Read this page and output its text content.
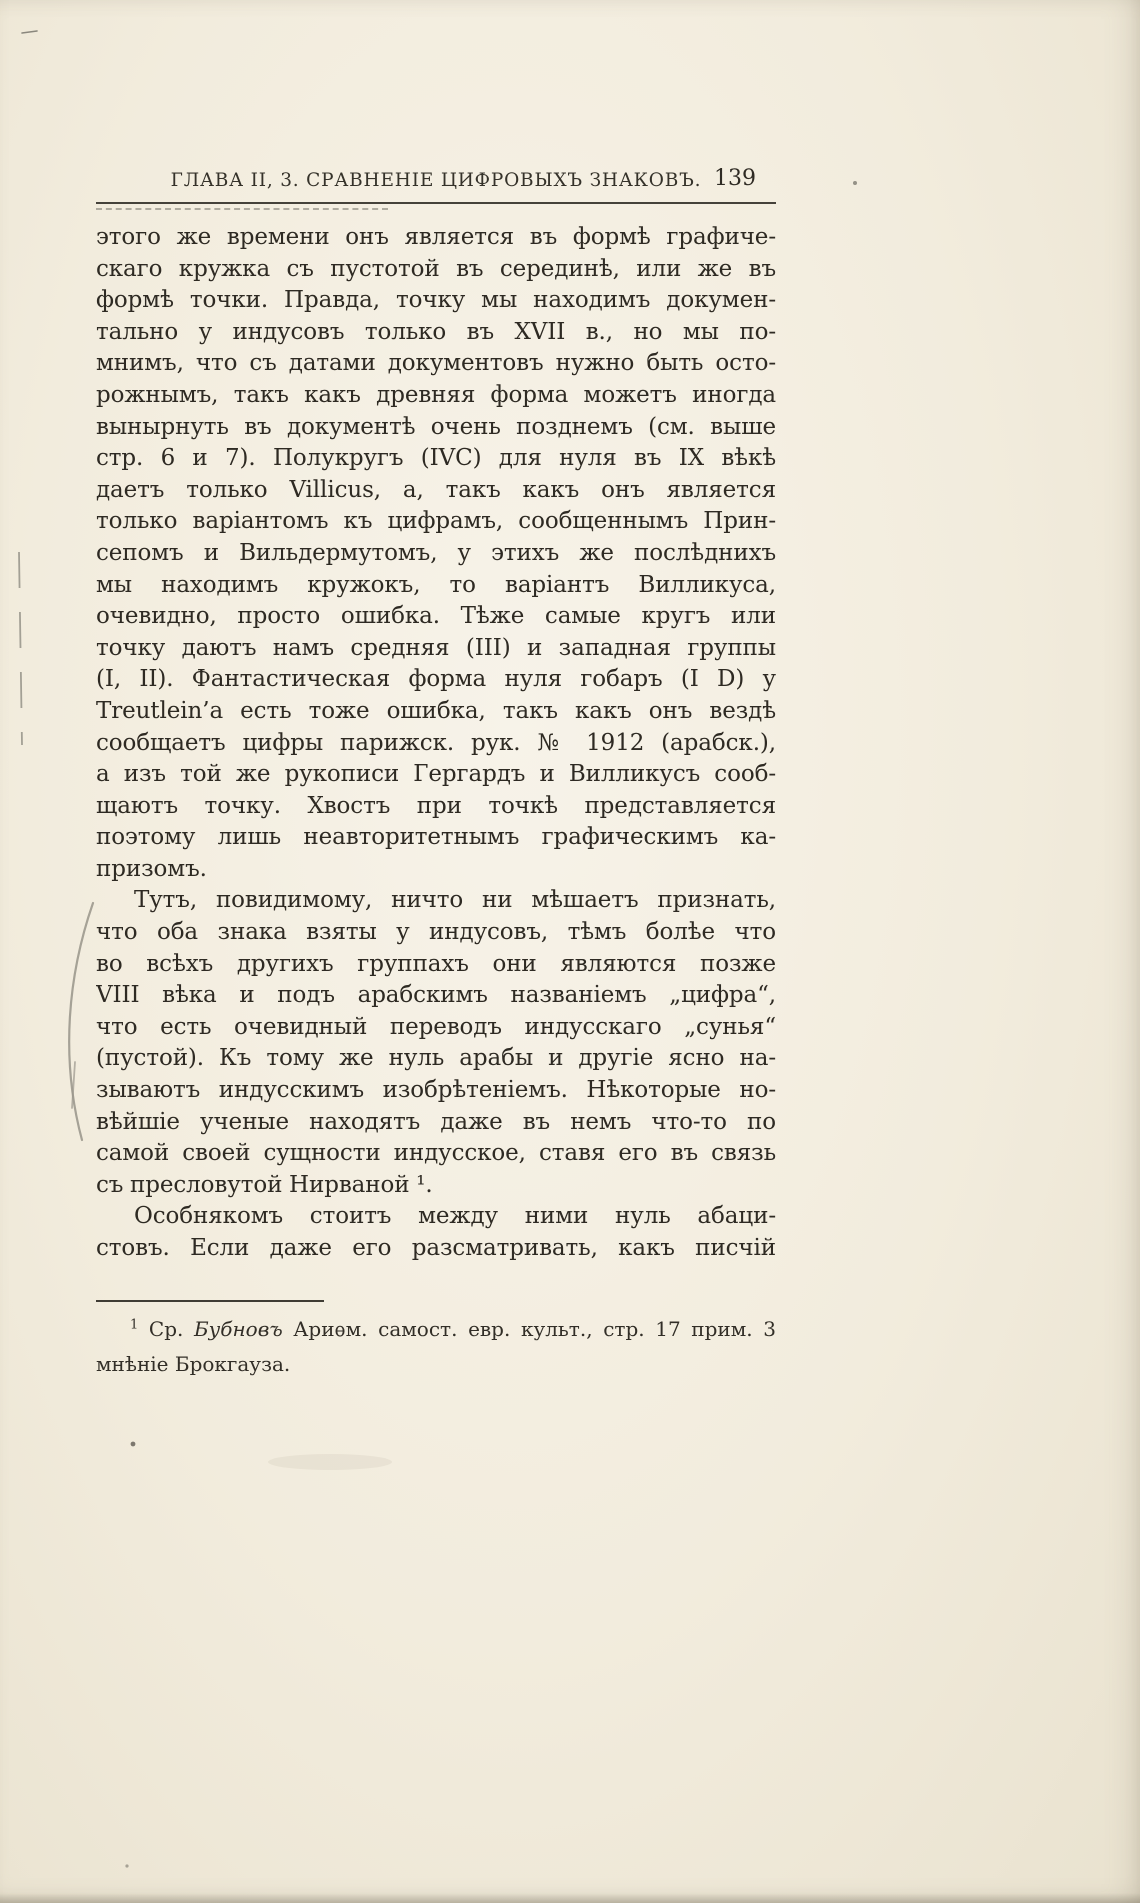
ГЛАВА II, 3. СРАВНЕНІЕ ЦИФРОВЫХЪ ЗНАКОВЪ. 139
этого же времени онъ является въ формѣ графиче-
скаго кружка съ пустотой въ серединѣ, или же въ
формѣ точки. Правда, точку мы находимъ докумен-
тально у индусовъ только въ XVII в., но мы по-
мнимъ, что съ датами документовъ нужно быть осто-
рожнымъ, такъ какъ древняя форма можетъ иногда
вынырнуть въ документѣ очень позднемъ (см. выше
стр. 6 и 7). Полукругъ (IVC) для нуля въ IX вѣкѣ
даетъ только Villicus, а, такъ какъ онъ является
только варіантомъ къ цифрамъ, сообщеннымъ Прин-
сепомъ и Вильдермутомъ, у этихъ же послѣднихъ
мы находимъ кружокъ, то варіантъ Вилликуса,
очевидно, просто ошибка. Тѣже самые кругъ или
точку даютъ намъ средняя (III) и западная группы
(I, II). Фантастическая форма нуля гобаръ (I D) у
Treutlein’а есть тоже ошибка, такъ какъ онъ вездѣ
сообщаетъ цифры парижск. рук. № 1912 (арабск.),
а изъ той же рукописи Гергардъ и Вилликусъ сооб-
щаютъ точку. Хвостъ при точкѣ представляется
поэтому лишь неавторитетнымъ графическимъ ка-
призомъ.
Тутъ, повидимому, ничто ни мѣшаетъ признать,
что оба знака взяты у индусовъ, тѣмъ болѣе что
во всѣхъ другихъ группахъ они являются позже
VIII вѣка и подъ арабскимъ названіемъ „цифра“,
что есть очевидный переводъ индусскаго „сунья“
(пустой). Къ тому же нуль арабы и другіе ясно на-
зываютъ индусскимъ изобрѣтеніемъ. Нѣкоторые но-
вѣйшіе ученые находятъ даже въ немъ что-то по
самой своей сущности индусское, ставя его въ связь
съ пресловутой Нирваной ¹.
Особнякомъ стоитъ между ними нуль абаци-
стовъ. Если даже его разсматривать, какъ писчій
$^1$ Ср. Бубновъ Ариѳм. самост. евр. культ., стр. 17 прим. 3
мнѣніе Брокгауза.
